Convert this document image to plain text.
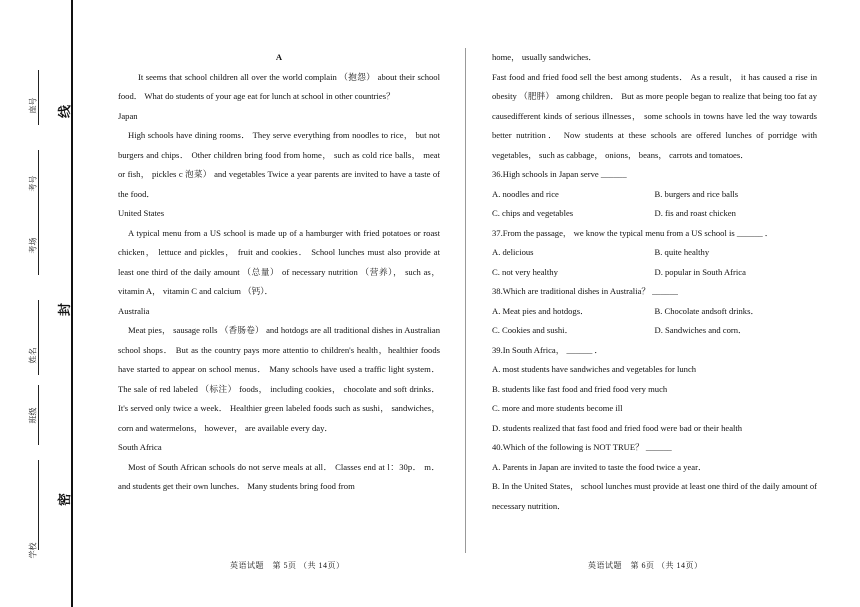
座号
考号
考场
姓名
班级
学校
线
封
密

A

It seems that school children all over the world complain （抱怨） about their school food． What do students of your age eat for lunch at school in other countries？

Japan

High schools have dining rooms． They serve everything from noodles to rice， but not burgers and chips． Other children bring food from home， such as cold rice balls， meat or fish， pickles c 泡菜） and vegetables Twice a year parents are invited to have a taste of the food．

United States

A typical menu from a US school is made up of a hamburger with fried potatoes or roast chicken， lettuce and pickles， fruit and cookies． School lunches must also provide at least one third of the daily amount （总量） of necessary nutrition （营养）， such as， vitamin A， vitamin C and calcium （钙）．

Australia

Meat pies， sausage rolls （香肠卷） and hotdogs are all traditional dishes in Australian school shops． But as the country pays more attentio to children's health，healthier foods have started to appear on school menus． Many schools have used a traffic light system． The sale of red labeled （标注） foods， including cookies， chocolate and soft drinks． It's served only twice a week． Healthier green labeled foods such as sushi， sandwiches， corn and watermelons， however， are available every day．

South Africa

Most of South African schools do not serve meals at all． Classes end at l：30p． m． and students get their own lunches． Many students bring food from

英语试题　第 5页 （共 14页）

home， usually sandwiches．

Fast food and fried food sell the best among students． As a result， it has caused a rise in obesity （肥胖） among children． But as more people began to realize that being too fat ay causedifferent kinds of serious illnesses， some schools in towns have led the way towards better nutrition． Now students at these schools are offered lunches of porridge with vegetables， such as cabbage， onions， beans， carrots and tomatoes．

36.High schools in Japan serve ______

A. noodles and rice	B. burgers and rice balls
C. chips and vegetables	D. fis and roast chicken

37.From the passage， we know the typical menu from a US school is ______ ．

A. delicious	B. quite healthy
C. not very healthy	D. popular in South Africa

38.Which are traditional dishes in Australia？ ______

A. Meat pies and hotdogs．	B. Chocolate andsoft drinks．
C. Cookies and sushi．	D. Sandwiches and corn．

39.In South Africa， ______ ．

A. most students have sandwiches and vegetables for lunch

B. students like fast food and fried food very much

C. more and more students become ill

D. students realized that fast food and fried food were bad or their health

40.Which of the following is NOT TRUE？ ______

A. Parents in Japan are invited to taste the food twice a year．

B. In the United States， school lunches must provide at least one third of the daily amount of necessary nutrition．

英语试题　第 6页 （共 14页）
